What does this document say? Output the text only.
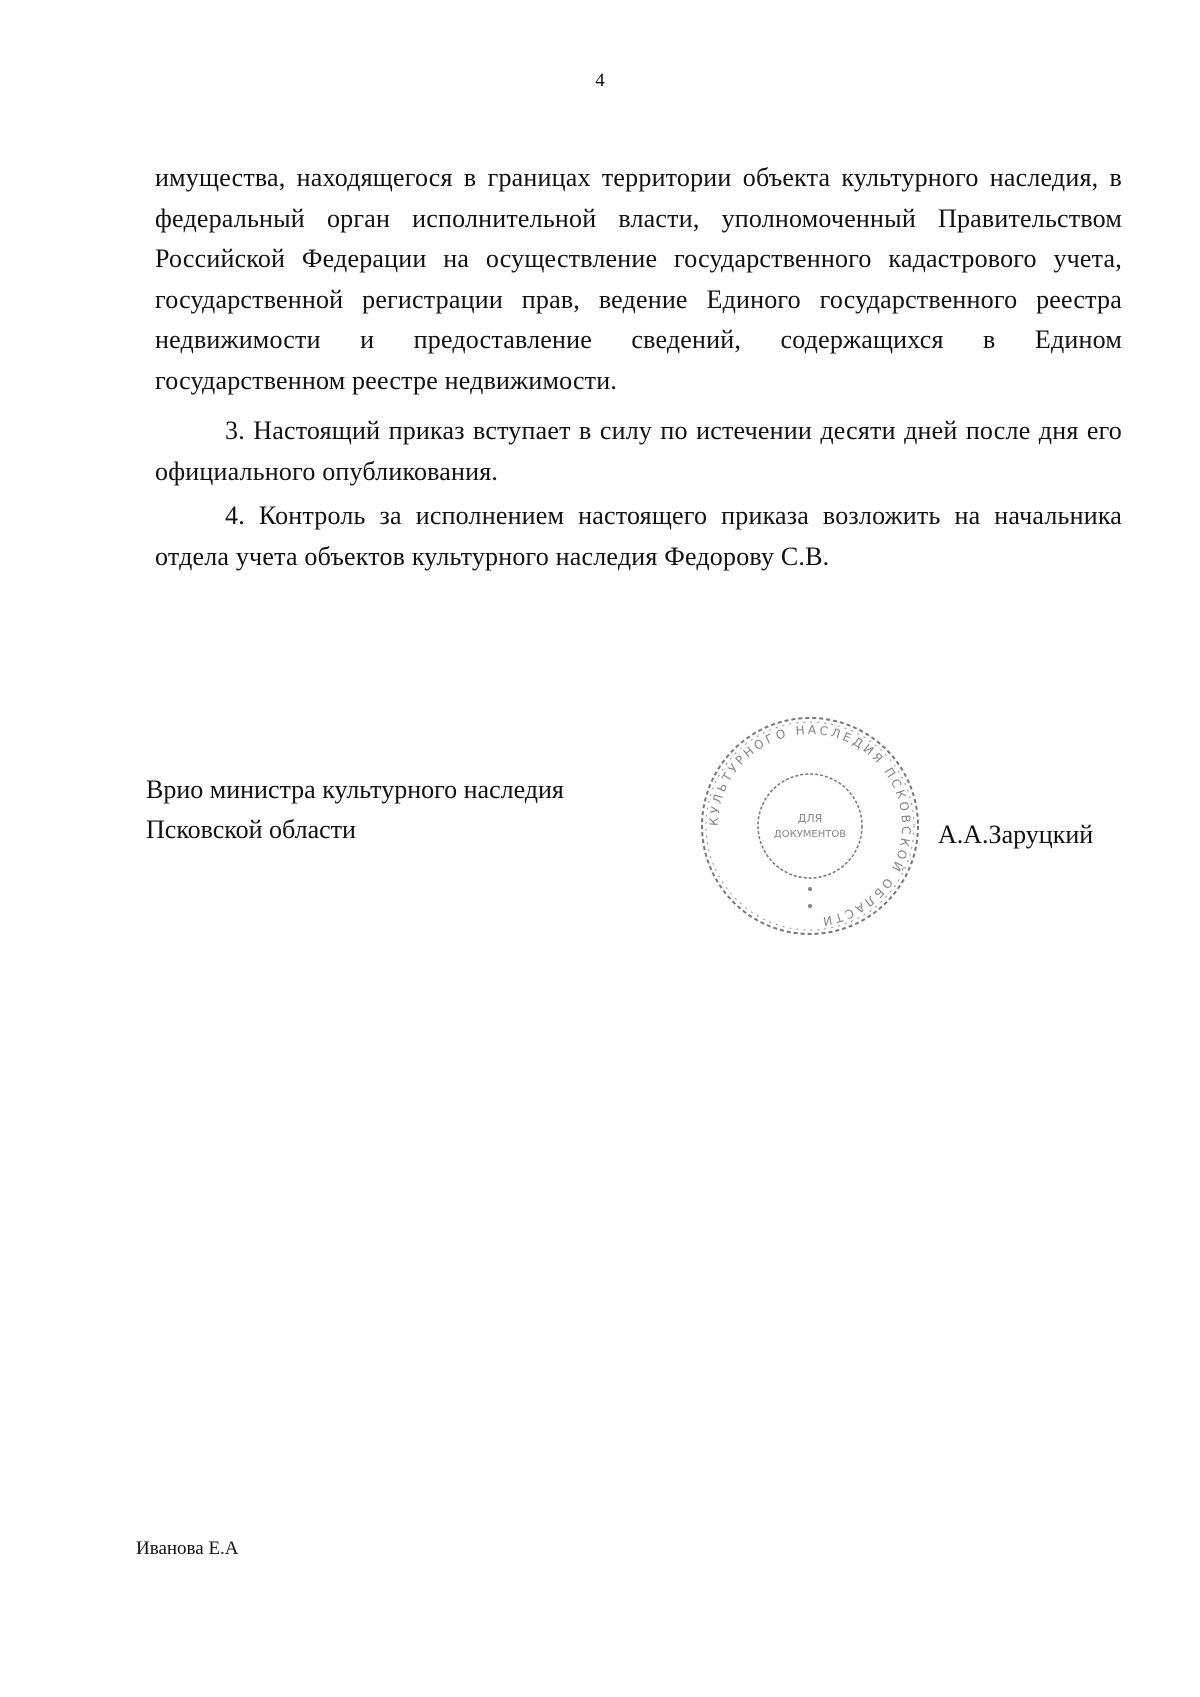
4

имущества, находящегося в границах территории объекта культурного наследия, в федеральный орган исполнительной власти, уполномоченный Правительством Российской Федерации на осуществление государственного кадастрового учета, государственной регистрации прав, ведение Единого государственного реестра недвижимости и предоставление сведений, содержащихся в Едином государственном реестре недвижимости.

3. Настоящий приказ вступает в силу по истечении десяти дней после дня его официального опубликования.

4. Контроль за исполнением настоящего приказа возложить на начальника отдела учета объектов культурного наследия Федорову С.В.

Врио министра культурного наследия
Псковской области	КУЛЬТУРНОГО НАСЛЕДИЯ ПСКОВСКОЙ ОБЛАСТИ
ДЛЯ
ДОКУМЕНТОВ	А.А.Заруцкий
Иванова Е.А
